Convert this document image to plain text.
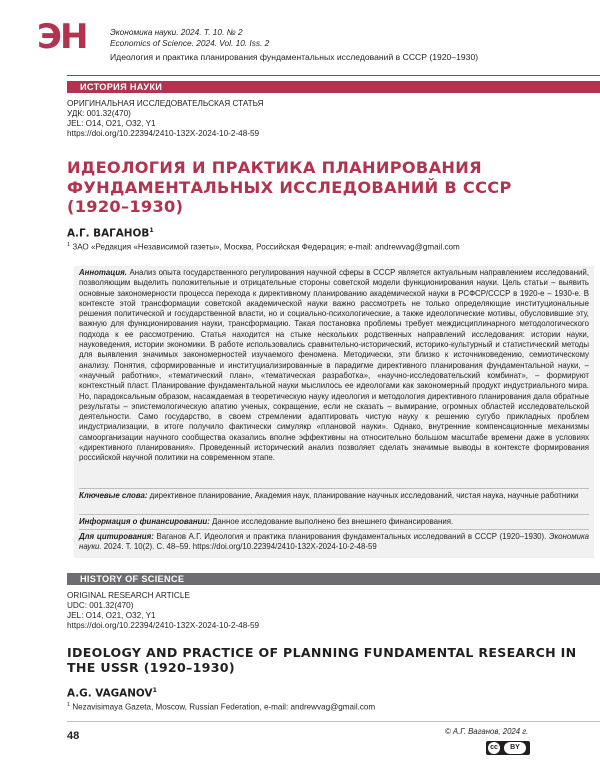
ЭН	Экономика науки. 2024. Т. 10. № 2
Economics of Science. 2024. Vol. 10. Iss. 2
Идеология и практика планирования фундаментальных исследований в СССР (1920–1930)
ИСТОРИЯ НАУКИ
ОРИГИНАЛЬНАЯ ИССЛЕДОВАТЕЛЬСКАЯ СТАТЬЯ
УДК: 001.32(470)
JEL: O14, O21, O32, Y1
https://doi.org/10.22394/2410-132X-2024-10-2-48-59
ИДЕОЛОГИЯ И ПРАКТИКА ПЛАНИРОВАНИЯ ФУНДАМЕНТАЛЬНЫХ ИССЛЕДОВАНИЙ В СССР (1920–1930)
А.Г. ВАГАНОВ$^1$
$^1$ ЗАО «Редакция «Независимой газеты», Москва, Российская Федерация; e-mail: andrewvag@gmail.com
Аннотация. Анализ опыта государственного регулирования научной сферы в СССР является актуальным направлением исследований, позволяющим выделить положительные и отрицательные стороны советской модели функционирования науки. Цель статьи – выявить основные закономерности процесса перехода к директивному планированию академической науки в РСФСР/СССР в 1920-е – 1930-е. В контексте этой трансформации советской академической науки важно рассмотреть не только определяющие институциональные решения политической и государственной власти, но и социально-психологические, а также идеологические мотивы, обусловившие эту, важную для функционирования науки, трансформацию. Такая постановка проблемы требует междисциплинарного методологического подхода к ее рассмотрению. Статья находится на стыке нескольких родственных направлений исследования: истории науки, науковедения, истории экономики. В работе использовались сравнительно-исторический, историко-культурный и статистический методы для выявления значимых закономерностей изучаемого феномена. Методически, эти близко к источниковедению, семиотическому анализу. Понятия, сформированные и институциализированные в парадигме директивного планирования фундаментальной науки, – «научный работник», «тематический план», «тематическая разработка», «научно-исследовательский комбинат», – формируют контекстный пласт. Планирование фундаментальной науки мыслилось ее идеологами как закономерный продукт индустриального мира. Но, парадоксальным образом, насаждаемая в теоретическую науку идеология и методология директивного планирования дала обратные результаты – эпистемологическую апатию ученых, сокращение, если не сказать – вымирание, огромных областей исследовательской деятельности. Само государство, в своем стремлении адаптировать чистую науку к решению сугубо прикладных проблем индустриализации, в итоге получило фактически симулякр «плановой науки». Однако, внутренние компенсационные механизмы самоорганизации научного сообщества оказались вполне эффективны на относительно большом масштабе времени даже в условиях «директивного планирования». Проведенный исторический анализ позволяет сделать значимые выводы в контексте формирования российской научной политики на современном этапе.
Ключевые слова: директивное планирование, Академия наук, планирование научных исследований, чистая наука, научные работники
Информация о финансировании: Данное исследование выполнено без внешнего финансирования.
Для цитирования: Ваганов А.Г. Идеология и практика планирования фундаментальных исследований в СССР (1920–1930). Экономика науки. 2024. Т. 10(2). С. 48–59. https://doi.org/10.22394/2410-132X-2024-10-2-48-59
HISTORY OF SCIENCE
ORIGINAL RESEARCH ARTICLE
UDC: 001.32(470)
JEL: O14, O21, O32, Y1
https://doi.org/10.22394/2410-132X-2024-10-2-48-59
IDEOLOGY AND PRACTICE OF PLANNING FUNDAMENTAL RESEARCH IN THE USSR (1920–1930)
A.G. VAGANOV$^1$
$^1$ Nezavisimaya Gazeta, Moscow, Russian Federation, e-mail: andrewvag@gmail.com
48	© А.Г. Ваганов, 2024 г.
cc	BY
